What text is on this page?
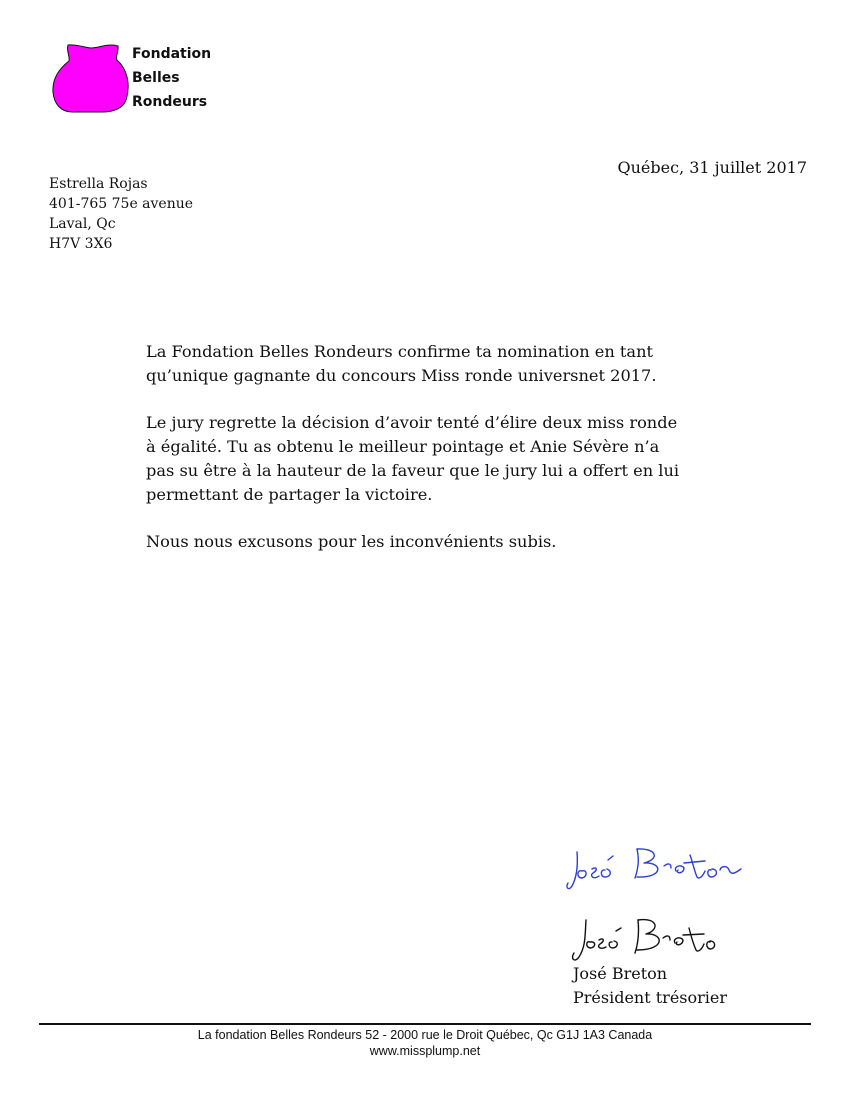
Fondation
Belles
Rondeurs
Québec, 31 juillet 2017
Estrella Rojas
401-765 75e avenue
Laval, Qc
H7V 3X6

La Fondation Belles Rondeurs confirme ta nomination en tant
qu’unique gagnante du concours Miss ronde universnet 2017.

Le jury regrette la décision d’avoir tenté d’élire deux miss ronde
à égalité. Tu as obtenu le meilleur pointage et Anie Sévère n’a
pas su être à la hauteur de la faveur que le jury lui a offert en lui
permettant de partager la victoire.

Nous nous excusons pour les inconvénients subis.

José Breton
Président trésorier
La fondation Belles Rondeurs 52 - 2000 rue le Droit Québec, Qc G1J 1A3 Canada
www.missplump.net
